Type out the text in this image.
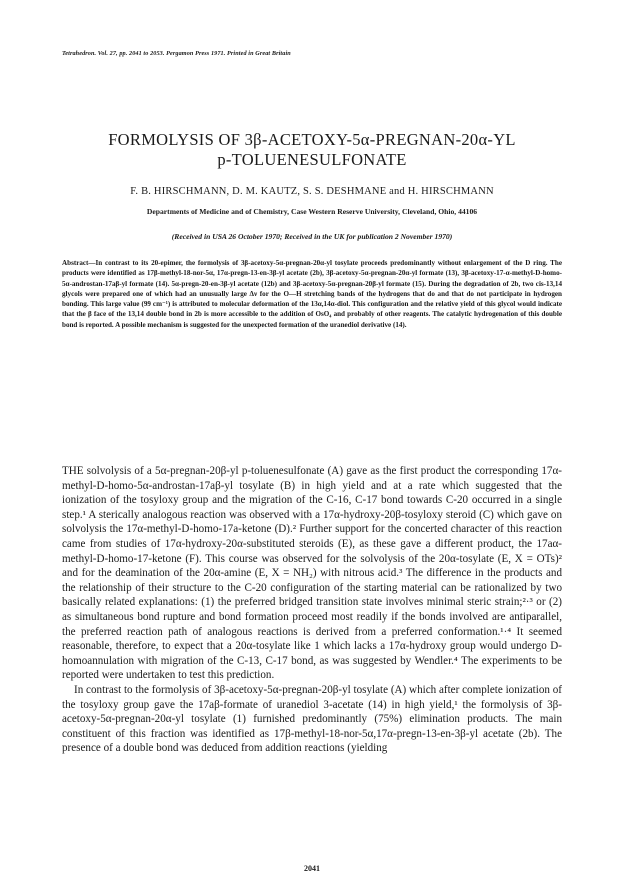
Tetrahedron. Vol. 27, pp. 2041 to 2053. Pergamon Press 1971. Printed in Great Britain
FORMOLYSIS OF 3β-ACETOXY-5α-PREGNAN-20α-YL
p-TOLUENESULFONATE
F. B. HIRSCHMANN, D. M. KAUTZ, S. S. DESHMANE and H. HIRSCHMANN
Departments of Medicine and of Chemistry, Case Western Reserve University, Cleveland, Ohio, 44106
(Received in USA 26 October 1970; Received in the UK for publication 2 November 1970)
Abstract—In contrast to its 20-epimer, the formolysis of 3β-acetoxy-5α-pregnan-20α-yl tosylate proceeds predominantly without enlargement of the D ring. The products were identified as 17β-methyl-18-nor-5α, 17α-pregn-13-en-3β-yl acetate (2b), 3β-acetoxy-5α-pregnan-20α-yl formate (13), 3β-acetoxy-17-α-methyl-D-homo-5α-androstan-17aβ-yl formate (14). 5α-pregn-20-en-3β-yl acetate (12b) and 3β-acetoxy-5α-pregnan-20β-yl formate (15). During the degradation of 2b, two cis-13,14 glycols were prepared one of which had an unusually large Δν for the O—H stretching bands of the hydrogens that do and that do not participate in hydrogen bonding. This large value (99 cm⁻¹) is attributed to molecular deformation of the 13α,14α-diol. This configuration and the relative yield of this glycol would indicate that the β face of the 13,14 double bond in 2b is more accessible to the addition of OsO₄ and probably of other reagents. The catalytic hydrogenation of this double bond is reported. A possible mechanism is suggested for the unexpected formation of the uranediol derivative (14).

THE solvolysis of a 5α-pregnan-20β-yl p-toluenesulfonate (A) gave as the first product the corresponding 17α-methyl-D-homo-5α-androstan-17aβ-yl tosylate (B) in high yield and at a rate which suggested that the ionization of the tosyloxy group and the migration of the C-16, C-17 bond towards C-20 occurred in a single step.¹ A sterically analogous reaction was observed with a 17α-hydroxy-20β-tosyloxy steroid (C) which gave on solvolysis the 17α-methyl-D-homo-17a-ketone (D).² Further support for the concerted character of this reaction came from studies of 17α-hydroxy-20α-substituted steroids (E), as these gave a different product, the 17aα- methyl-D-homo-17-ketone (F). This course was observed for the solvolysis of the 20α-tosylate (E, X = OTs)² and for the deamination of the 20α-amine (E, X = NH₂) with nitrous acid.³ The difference in the products and the relationship of their structure to the C-20 configuration of the starting material can be rationalized by two basically related explanations: (1) the preferred bridged transition state involves minimal steric strain;²·³ or (2) as simultaneous bond rupture and bond formation proceed most readily if the bonds involved are antiparallel, the preferred reaction path of analogous reactions is derived from a preferred conformation.¹·⁴ It seemed reasonable, therefore, to expect that a 20α-tosylate like 1 which lacks a 17α-hydroxy group would undergo D-homoannulation with migration of the C-13, C-17 bond, as was suggested by Wendler.⁴ The experiments to be reported were undertaken to test this prediction.

In contrast to the formolysis of 3β-acetoxy-5α-pregnan-20β-yl tosylate (A) which after complete ionization of the tosyloxy group gave the 17aβ-formate of uranediol 3-acetate (14) in high yield,¹ the formolysis of 3β-acetoxy-5α-pregnan-20α-yl tosylate (1) furnished predominantly (75%) elimination products. The main constituent of this fraction was identified as 17β-methyl-18-nor-5α,17α-pregn-13-en-3β-yl acetate (2b). The presence of a double bond was deduced from addition reactions (yielding

2041
